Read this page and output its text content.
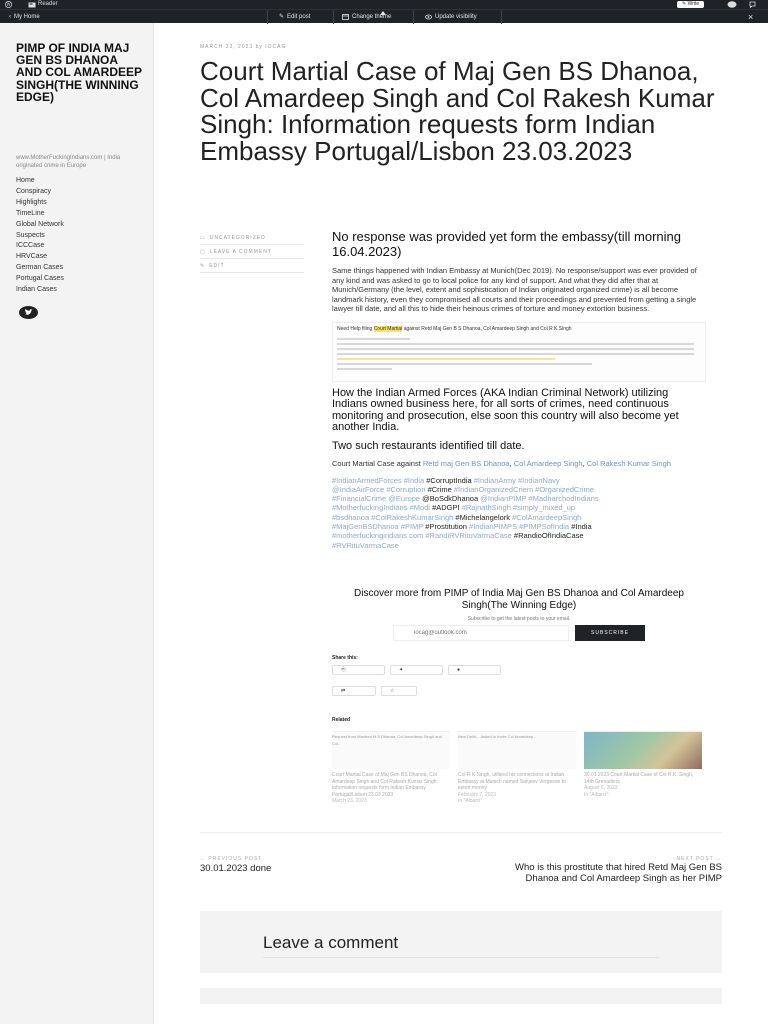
W	Reader	✎ Write
‹ My Home	✎ Edit post	Change theme	Update visibility	×
PIMP OF INDIA MAJ GEN BS DHANOA AND COL AMARDEEP SINGH(THE WINNING EDGE)
www.MotherFuckingIndians.com | India originated crime in Europe
Home
Conspiracy
Highlights
TimeLine
Global Network
Suspects
ICCCase
HRVCase
German Cases
Portugal Cases
Indian Cases
MARCH 23, 2023 by IOCAG
Court Martial Case of Maj Gen BS Dhanoa, Col Amardeep Singh and Col Rakesh Kumar Singh: Information requests form Indian Embassy Portugal/Lisbon 23.03.2023
▭ UNCATEGORIZED
▢ LEAVE A COMMENT
✎ EDIT
No response was provided yet form the embassy(till morning 16.04.2023)

Same things happened with Indian Embassy at Munich(Dec 2019). No response/support was ever provided of any kind and was asked to go to local police for any kind of support. And what they did after that at Munich/Germany (the level, extent and sophistication of Indian originated organized crime) is all become landmark history, even they compromised all courts and their proceedings and prevented from getting a single lawyer till date, and all this to hide their heinous crimes of torture and money extortion business.

Need Help filing Court Martial against Retd Maj Gen B S Dhanoa, Col Amardeep Singh and Col R K Singh
How the Indian Armed Forces (AKA Indian Criminal Network) utilizing Indians owned business here, for all sorts of crimes, need continuous monitoring and prosecution, else soon this country will also become yet another India.
Two such restaurants identified till date.

Court Martial Case against Retd maj Gen BS Dhanoa, Col Amardeep Singh, Col Rakesh Kumar Singh

#IndianArmedForces #India #CorruptIndia #IndianArmy #IndianNavy
@IndiaAirForce #Corruption #Crime #IndianOrganizedCriem #OrganizedCrime
#FinancialCrime @Europe @BoSdkDhanoa @IndianPIMP #MadharchodIndians
#MotherfuckingIndians #Modi #ADGPI #RajnathSingh #simply_mixed_up
#bsdhanoa #ColRakeshKumarSingh #Michelangelork #ColAmardeepSingh
#MajGenBSDhanoa #PIMP #Prostitution #IndianPIMPS #PIMPSofIndia #India
#motherfuckingindians.com #RandiRVRituVarmaCase #RandioOfIndiaCase
#RVRituVarmaCase
Discover more from PIMP of India Maj Gen BS Dhanoa and Col Amardeep Singh(The Winning Edge)
Subscribe to get the latest posts to your email.
iocag@outlook.com
SUBSCRIBE
Share this:
ⓦ	✦	●
⇄	☆
Related
Request from Manfred M.S Dhanoa, Col Amardeep Singh and Col...
Court Martial Case of Maj Gen BS Dhanoa, Col Amardeep Singh and Col Rakesh Kumar Singh: Information requests form Indian Embassy Portugal/Lisbon 23.03.2023
March 23, 2023
New Delhi... Asked to Invite Col Amardeep...
Col R K Singh, utilized his connections at Indian Embassy at Munich named Sanjeev Vergeese to extort money
February 7, 2023
In "Albanz"
30.01.2023 Court Martial Case of Col R.K. Singh, 14th Grenadiers
August 6, 2022
In "Albanz"
← PREVIOUS POST
30.01.2023 done
NEXT POST →
Who is this prostitute that hired Retd Maj Gen BS Dhanoa and Col Amardeep Singh as her PIMP
Leave a comment
